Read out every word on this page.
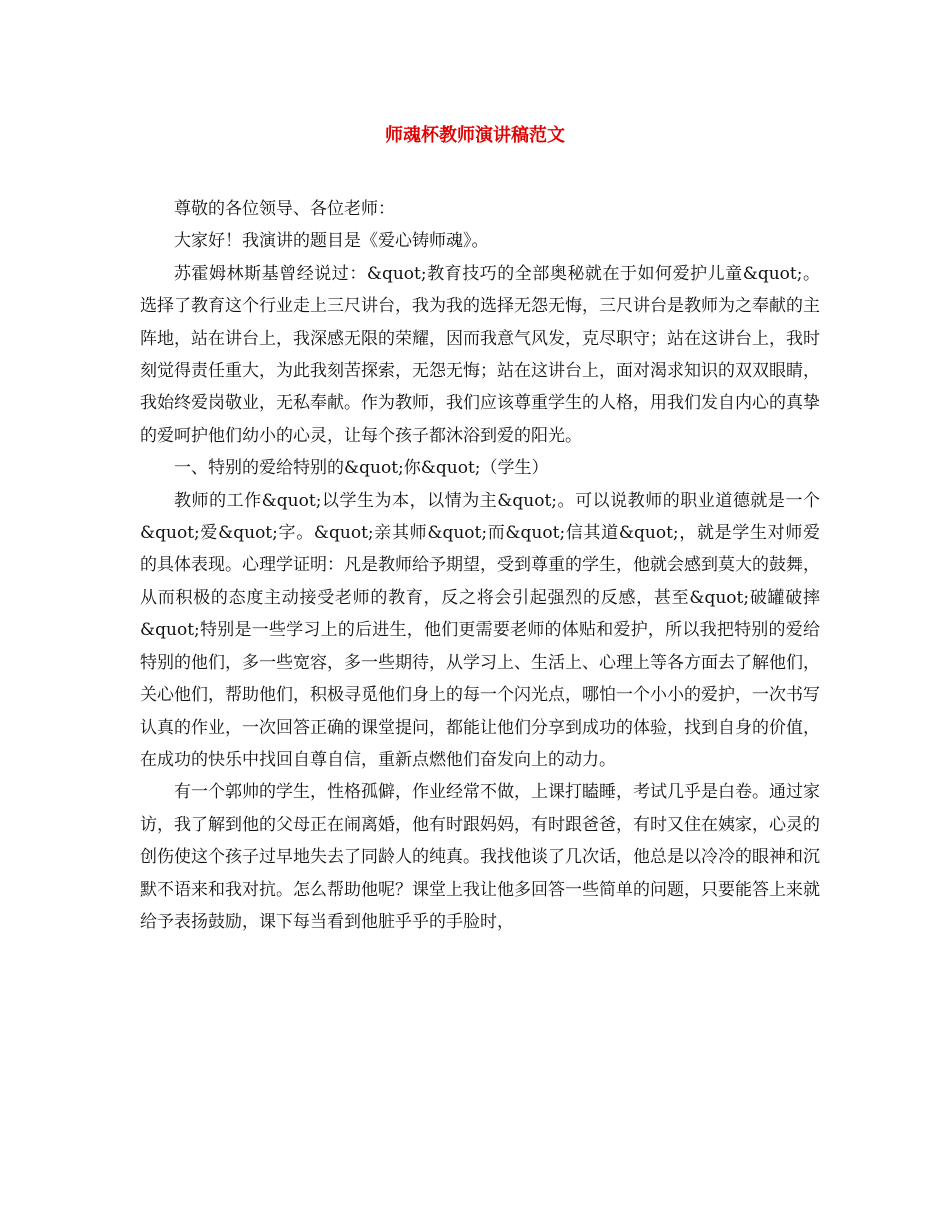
师魂杯教师演讲稿范文

尊敬的各位领导、各位老师：

大家好！我演讲的题目是《爱心铸师魂》。

苏霍姆林斯基曾经说过：&quot;教育技巧的全部奥秘就在于如何爱护儿童&quot;。选择了教育这个行业走上三尺讲台，我为我的选择无怨无悔，三尺讲台是教师为之奉献的主阵地，站在讲台上，我深感无限的荣耀，因而我意气风发，克尽职守；站在这讲台上，我时刻觉得责任重大，为此我刻苦探索，无怨无悔；站在这讲台上，面对渴求知识的双双眼睛，我始终爱岗敬业，无私奉献。作为教师，我们应该尊重学生的人格，用我们发自内心的真挚的爱呵护他们幼小的心灵，让每个孩子都沐浴到爱的阳光。

一、特别的爱给特别的&quot;你&quot;（学生）

教师的工作&quot;以学生为本，以情为主&quot;。可以说教师的职业道德就是一个&quot;爱&quot;字。&quot;亲其师&quot;而&quot;信其道&quot;，就是学生对师爱的具体表现。心理学证明：凡是教师给予期望，受到尊重的学生，他就会感到莫大的鼓舞，从而积极的态度主动接受老师的教育，反之将会引起强烈的反感，甚至&quot;破罐破摔&quot;特别是一些学习上的后进生，他们更需要老师的体贴和爱护，所以我把特别的爱给特别的他们，多一些宽容，多一些期待，从学习上、生活上、心理上等各方面去了解他们，关心他们，帮助他们，积极寻觅他们身上的每一个闪光点，哪怕一个小小的爱护，一次书写认真的作业，一次回答正确的课堂提问，都能让他们分享到成功的体验，找到自身的价值，在成功的快乐中找回自尊自信，重新点燃他们奋发向上的动力。

有一个郭帅的学生，性格孤僻，作业经常不做，上课打瞌睡，考试几乎是白卷。通过家访，我了解到他的父母正在闹离婚，他有时跟妈妈，有时跟爸爸，有时又住在姨家，心灵的创伤使这个孩子过早地失去了同龄人的纯真。我找他谈了几次话，他总是以冷冷的眼神和沉默不语来和我对抗。怎么帮助他呢？课堂上我让他多回答一些简单的问题，只要能答上来就给予表扬鼓励，课下每当看到他脏乎乎的手脸时，
